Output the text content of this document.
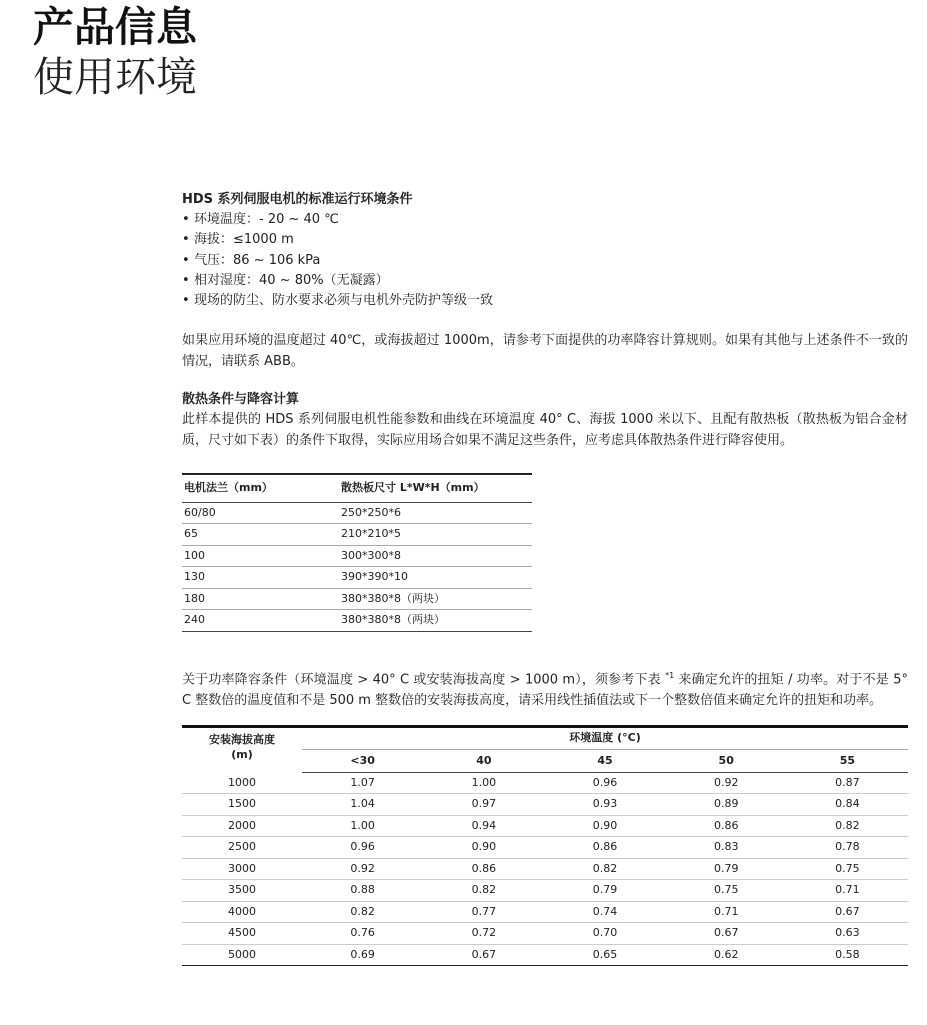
产品信息
使用环境
HDS 系列伺服电机的标准运行环境条件
• 环境温度：- 20 ~ 40 ℃
• 海拔：≤1000 m
• 气压：86 ~ 106 kPa
• 相对湿度：40 ~ 80%（无凝露）
• 现场的防尘、防水要求必须与电机外壳防护等级一致

如果应用环境的温度超过 40℃，或海拔超过 1000m，请参考下面提供的功率降容计算规则。如果有其他与上述条件不一致的情况，请联系 ABB。

散热条件与降容计算

此样本提供的 HDS 系列伺服电机性能参数和曲线在环境温度 40° C、海拔 1000 米以下、且配有散热板（散热板为铝合金材质，尺寸如下表）的条件下取得，实际应用场合如果不满足这些条件，应考虑具体散热条件进行降容使用。

电机法兰（mm）	散热板尺寸 L*W*H（mm）
60/80	250*250*6
65	210*210*5
100	300*300*8
130	390*390*10
180	380*380*8（两块）
240	380*380*8（两块）

关于功率降容条件（环境温度 > 40° C 或安装海拔高度 > 1000 m），须参考下表 $^{*1}$ 来确定允许的扭矩 / 功率。对于不是 5° C 整数倍的温度值和不是 500 m 整数倍的安装海拔高度，请采用线性插值法或下一个整数倍值来确定允许的扭矩和功率。

安装海拔高度
(m)	环境温度 (°C)				
	<30	40	45	50	55
1000	1.07	1.00	0.96	0.92	0.87
1500	1.04	0.97	0.93	0.89	0.84
2000	1.00	0.94	0.90	0.86	0.82
2500	0.96	0.90	0.86	0.83	0.78
3000	0.92	0.86	0.82	0.79	0.75
3500	0.88	0.82	0.79	0.75	0.71
4000	0.82	0.77	0.74	0.71	0.67
4500	0.76	0.72	0.70	0.67	0.63
5000	0.69	0.67	0.65	0.62	0.58
